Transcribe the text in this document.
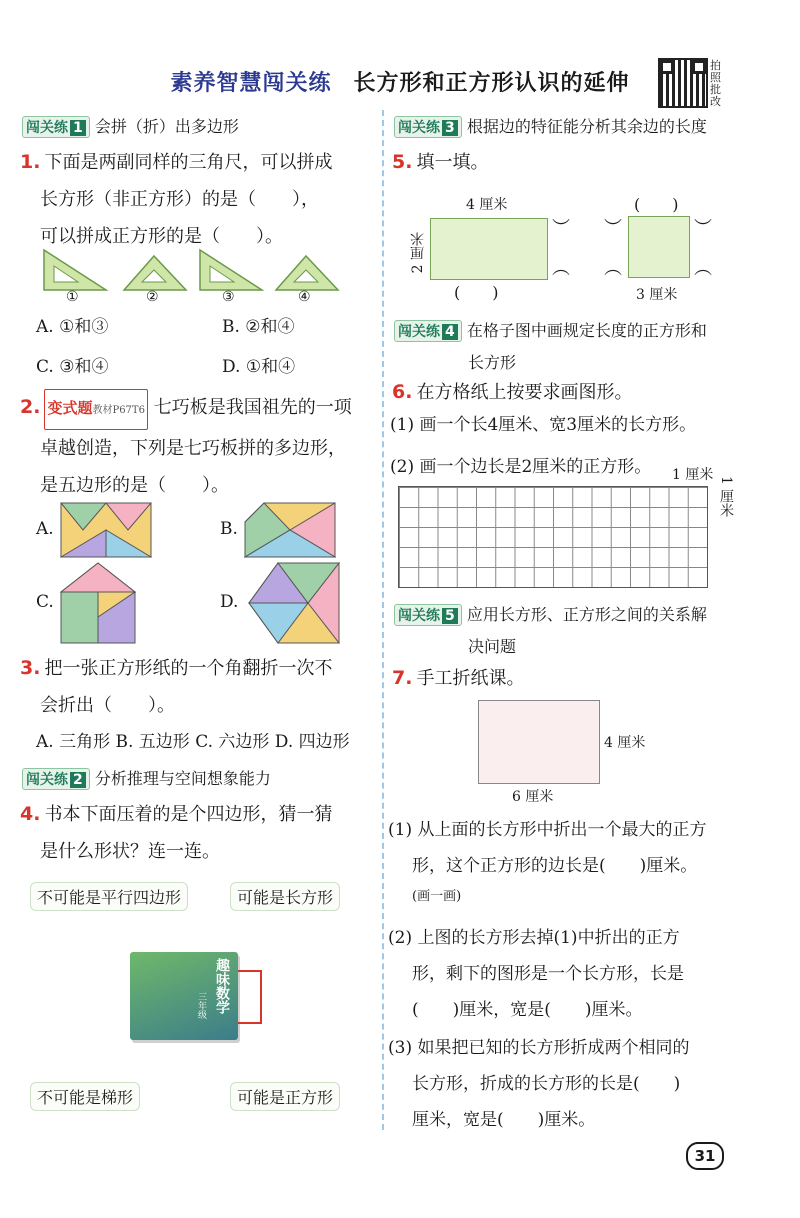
素养智慧闯关练 长方形和正方形认识的延伸
拍照批改
闯关练 1 会拼（折）出多边形
1. 下面是两副同样的三角尺，可以拼成
长方形（非正方形）的是（　　），
可以拼成正方形的是（　　）。
①	②	③	④
A. ①和③	B. ②和④
C. ③和④	D. ①和④
2. 变式题教材P67T6 七巧板是我国祖先的一项
卓越创造，下列是七巧板拼的多边形，
是五边形的是（　　）。
A.	B.
C.	D.
3. 把一张正方形纸的一个角翻折一次不
会折出（　　）。
A. 三角形 B. 五边形 C. 六边形 D. 四边形
闯关练 2 分析推理与空间想象能力
4. 书本下面压着的是个四边形，猜一猜
是什么形状？连一连。
不可能是平行四边形	可能是长方形
趣味数学
三年级
不可能是梯形	可能是正方形
闯关练 3 根据边的特征能分析其余边的长度
5. 填一填。
4 厘米
2 厘米
︶
︵
(　　)
(　　)
︶
︵
︶
︵
3 厘米
闯关练 4 在格子图中画规定长度的正方形和
长方形
6. 在方格纸上按要求画图形。
(1) 画一个长4厘米、宽3厘米的长方形。
(2) 画一个边长是2厘米的正方形。 1 厘米
1 厘米
闯关练 5 应用长方形、正方形之间的关系解
决问题
7. 手工折纸课。
4 厘米
6 厘米
(1) 从上面的长方形中折出一个最大的正方
形，这个正方形的边长是(　　)厘米。
(画一画)
(2) 上图的长方形去掉(1)中折出的正方
形，剩下的图形是一个长方形，长是
(　　)厘米，宽是(　　)厘米。
(3) 如果把已知的长方形折成两个相同的
长方形，折成的长方形的长是(　　)
厘米，宽是(　　)厘米。
31
